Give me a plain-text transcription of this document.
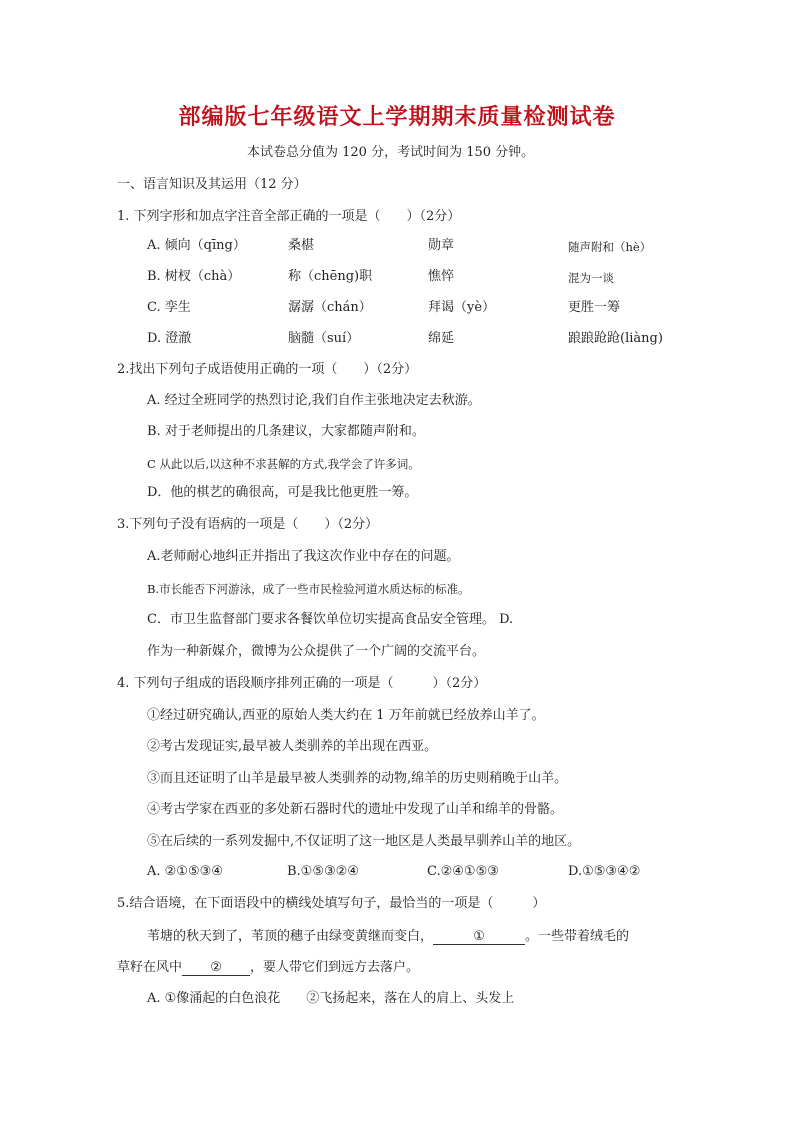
部编版七年级语文上学期期末质量检测试卷
本试卷总分值为 120 分，考试时间为 150 分钟。
一、语言知识及其运用（12 分）
1. 下列字形和加点字注音全部正确的一项是（　　）（2分）
A. 倾向（qīng）	桑椹	勋章	随声附和（hè）
B. 树杈（chà）	称（chēng)职	憔悴	混为一谈
C. 孪生	潺潺（chán）	拜谒（yè）	更胜一筹
D. 澄澈	脑髓（suí）	绵延	踉踉跄跄(liàng)
2.找出下列句子成语使用正确的一项（　　）（2分）
A. 经过全班同学的热烈讨论,我们自作主张地决定去秋游。
B. 对于老师提出的几条建议，大家都随声附和。
C 从此以后,以这种不求甚解的方式,我学会了许多词。
D．他的棋艺的确很高，可是我比他更胜一筹。
3.下列句子没有语病的一项是（　　）（2分）
A.老师耐心地纠正并指出了我这次作业中存在的问题。
B.市长能否下河游泳，成了一些市民检验河道水质达标的标准。
C．市卫生监督部门要求各餐饮单位切实提高食品安全管理。 D.
作为一种新媒介，微博为公众提供了一个广阔的交流平台。
4. 下列句子组成的语段顺序排列正确的一项是（　　　）（2分）
①经过研究确认,西亚的原始人类大约在 1 万年前就已经放养山羊了。
②考古发现证实,最早被人类驯养的羊出现在西亚。
③而且还证明了山羊是最早被人类驯养的动物,绵羊的历史则稍晚于山羊。
④考古学家在西亚的多处新石器时代的遗址中发现了山羊和绵羊的骨骼。
⑤在后续的一系列发掘中,不仅证明了这一地区是人类最早驯养山羊的地区。
A. ②①⑤③④	B.①⑤③②④	C.②④①⑤③	D.①⑤③④②
5.结合语境，在下面语段中的横线处填写句子，最恰当的一项是（　　　）
苇塘的秋天到了，苇顶的穗子由绿变黄继而变白，	①	。一些带着绒毛的
草籽在风中 ② ，要人带它们到远方去落户。
A. ①像涌起的白色浪花　　②飞扬起来，落在人的肩上、头发上
